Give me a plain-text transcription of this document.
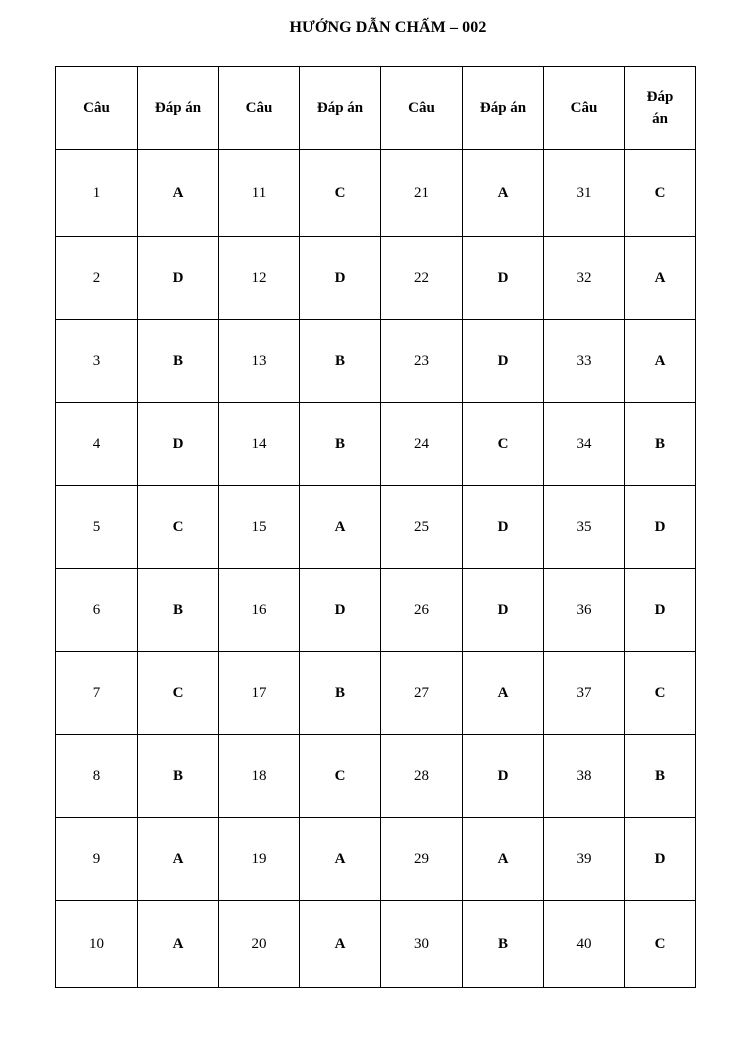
HƯỚNG DẪN CHẤM – 002
Câu	Đáp án	Câu	Đáp án	Câu	Đáp án	Câu	Đáp án
1	A	11	C	21	A	31	C
2	D	12	D	22	D	32	A
3	B	13	B	23	D	33	A
4	D	14	B	24	C	34	B
5	C	15	A	25	D	35	D
6	B	16	D	26	D	36	D
7	C	17	B	27	A	37	C
8	B	18	C	28	D	38	B
9	A	19	A	29	A	39	D
10	A	20	A	30	B	40	C
